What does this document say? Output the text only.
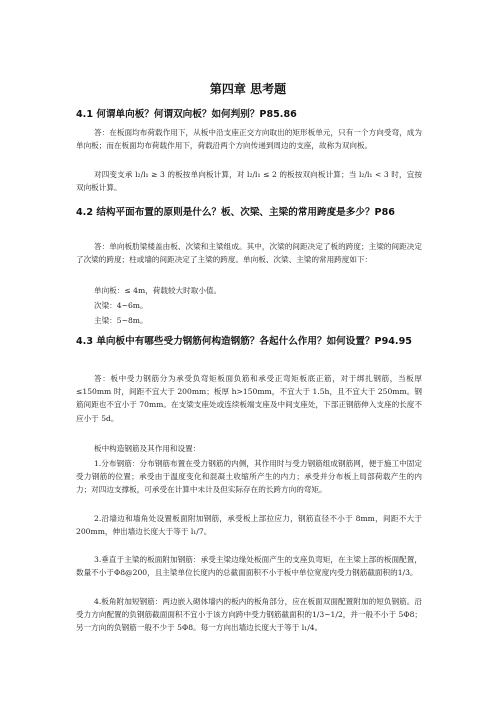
第四章 思考题
4.1 何谓单向板？何谓双向板？如何判别？P85.86
答：在板面均布荷载作用下，从板中沿支座正交方向取出的矩形板单元，只有一个方向受弯，成为单向板；而在板面均布荷载作用下，荷载沿两个方向传递到周边的支座，故称为双向板。
对四变支承 l₂/l₁ ≥ 3 的板按单向板计算，对 l₂/l₁ ≤ 2 的板按双向板计算；当 l₂/l₁ < 3 时，宜按双向板计算。
4.2 结构平面布置的原则是什么？板、次梁、主梁的常用跨度是多少？P86
答：单向板肋梁楼盖由板、次梁和主梁组成。其中，次梁的间距决定了板的跨度；主梁的间距决定了次梁的跨度；柱或墙的间距决定了主梁的跨度。单向板、次梁、主梁的常用跨度如下：
单向板：≤ 4m，荷载较大时取小值。
次梁：4~6m。
主梁：5~8m。
4.3 单向板中有哪些受力钢筋何构造钢筋？各起什么作用？如何设置？P94.95
答：板中受力钢筋分为承受负弯矩板面负筋和承受正弯矩板底正筋，对于绑扎钢筋，当板厚 ≤150mm 时，间距不宜大于 200mm；板厚 h>150mm，不宜大于 1.5h，且不宜大于 250mm。钢筋间距也不宜小于 70mm。在支梁支座处或连续板端支座及中间支座处，下部正钢筋伸入支座的长度不应小于 5d。
板中构造钢筋及其作用和设置：
1.分布钢筋：分布钢筋布置在受力钢筋的内侧，其作用时与受力钢筋组成钢筋网，便于施工中固定受力钢筋的位置；承受由于温度变化和混凝土收缩所产生的内力；承受并分布板上局部荷载产生的内力；对四边支撑板，可承受在计算中未计及但实际存在的长跨方向的弯矩。
2.沿墙边和墙角处设置板面附加钢筋，承受板上部拉应力，钢筋直径不小于 8mm，间距不大于 200mm，伸出墙边长度大于等于 l₁/7。
3.垂直于主梁的板面附加钢筋：承受主梁边缘处板面产生的支座负弯矩，在主梁上部的板面配置，数量不小于Φ8@200，且主梁单位长度内的总截面面积不小于板中单位宽度内受力钢筋截面积的1/3。
4.板角附加短钢筋：两边嵌入砌体墙内的板内的板角部分，应在板面双面配置附加的短负钢筋。沿受力方向配置的负钢筋截面面积不宜小于该方向跨中受力钢筋截面积的1/3~1/2，并一般不小于 5Φ8；另一方向的负钢筋一般不少于 5Φ8。每一方向出墙边长度大于等于 l₁/4。
